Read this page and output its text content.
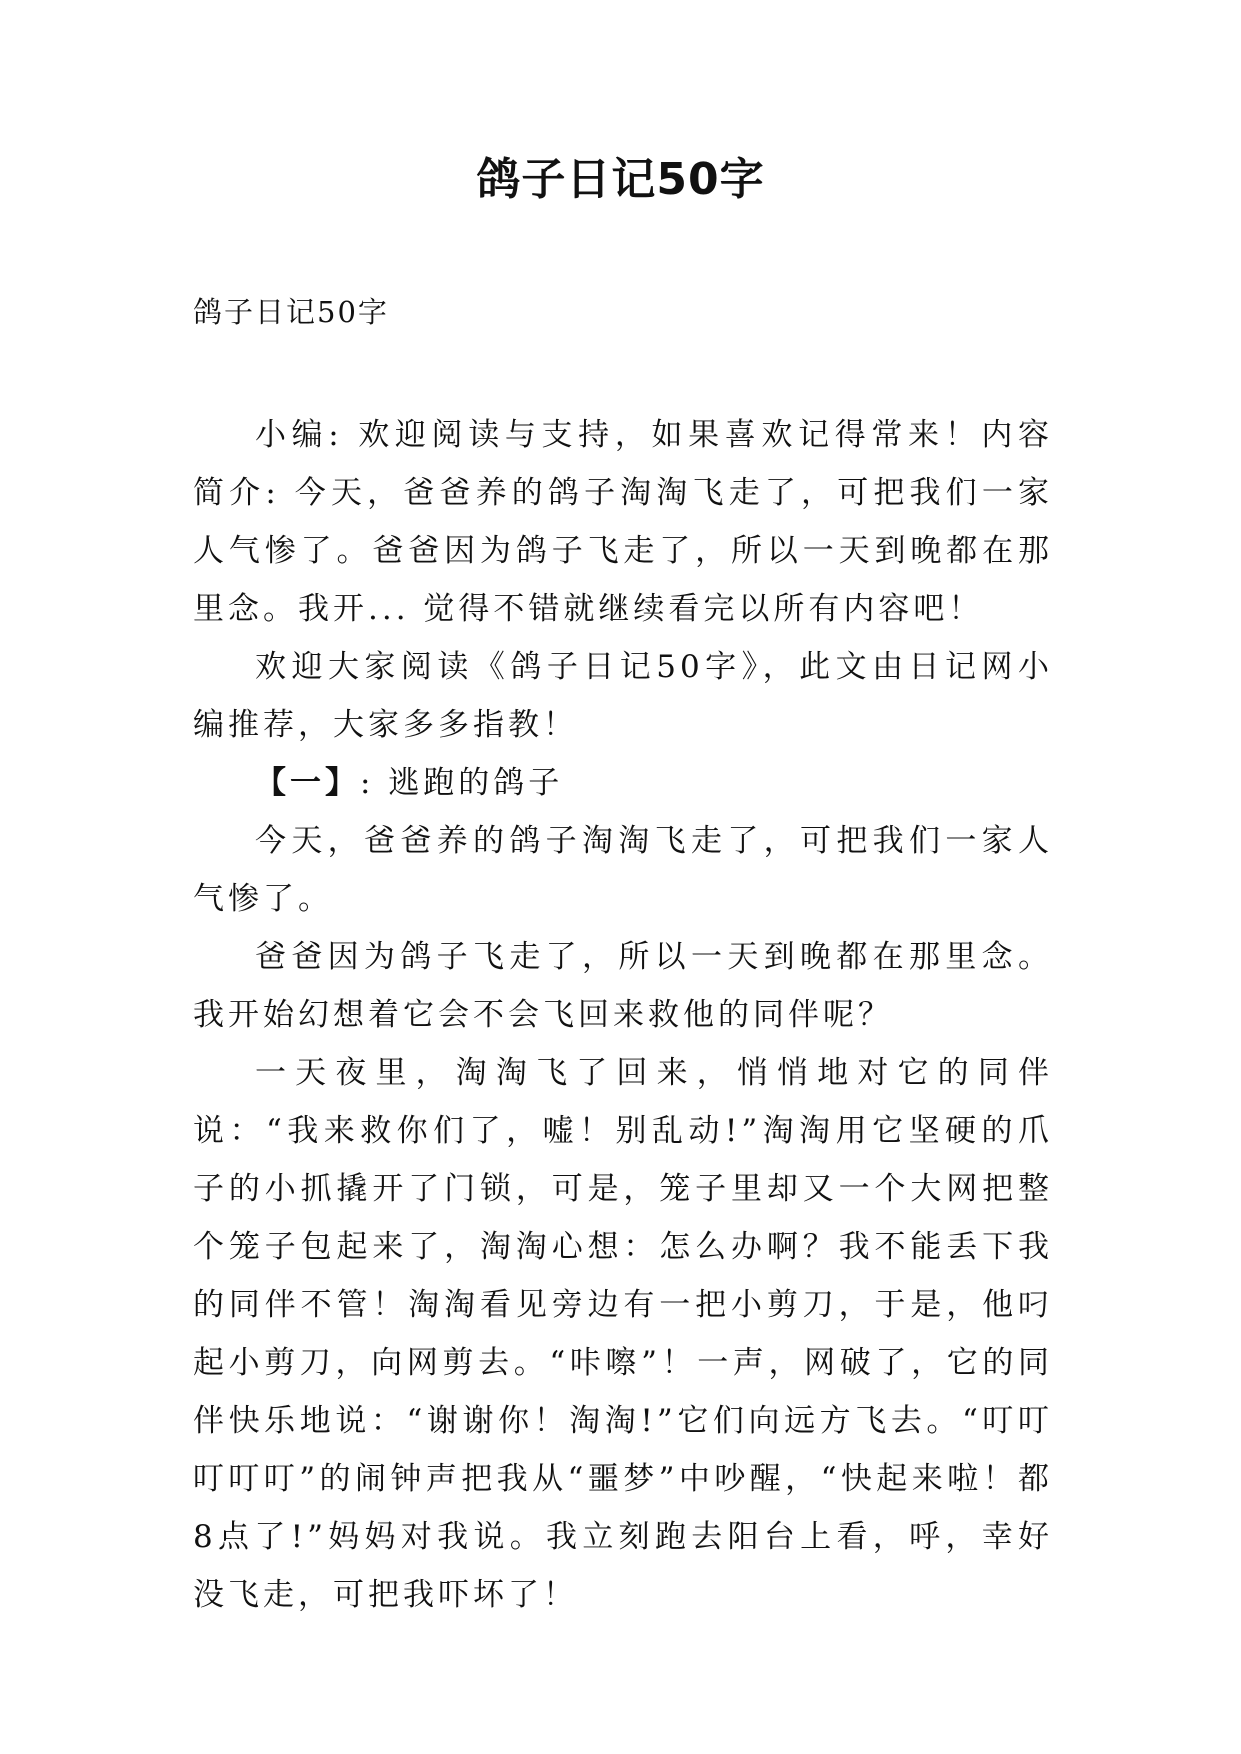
鸽子日记50字
鸽子日记50字

小编: 欢迎阅读与支持，如果喜欢记得常来！内容简介: 今天，爸爸养的鸽子淘淘飞走了，可把我们一家人气惨了。爸爸因为鸽子飞走了，所以一天到晚都在那里念。我开... 觉得不错就继续看完以所有内容吧！

欢迎大家阅读《鸽子日记50字》，此文由日记网小编推荐，大家多多指教！

【一】: 逃跑的鸽子

今天，爸爸养的鸽子淘淘飞走了，可把我们一家人气惨了。

爸爸因为鸽子飞走了，所以一天到晚都在那里念。我开始幻想着它会不会飞回来救他的同伴呢？

一天夜里，淘淘飞了回来，悄悄地对它的同伴说：“我来救你们了，嘘！别乱动!”淘淘用它坚硬的爪子的小抓撬开了门锁，可是，笼子里却又一个大网把整个笼子包起来了，淘淘心想：怎么办啊？我不能丢下我的同伴不管！淘淘看见旁边有一把小剪刀，于是，他叼起小剪刀，向网剪去。“咔嚓”！一声，网破了，它的同伴快乐地说：“谢谢你！淘淘!”它们向远方飞去。“叮叮叮叮叮”的闹钟声把我从“噩梦”中吵醒，“快起来啦！都8点了!”妈妈对我说。我立刻跑去阳台上看，呼，幸好没飞走，可把我吓坏了！
